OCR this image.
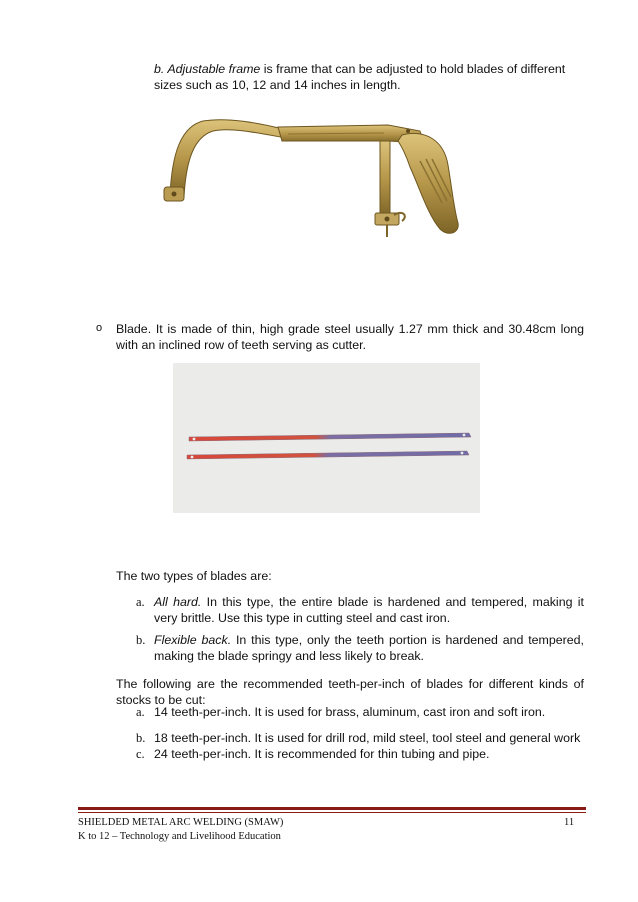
b. Adjustable frame is frame that can be adjusted to hold blades of different sizes such as 10, 12 and 14 inches in length.
o Blade. It is made of thin, high grade steel usually 1.27 mm thick and 30.48cm long with an inclined row of teeth serving as cutter.
The two types of blades are:
a. All hard. In this type, the entire blade is hardened and tempered, making it very brittle. Use this type in cutting steel and cast iron.
b. Flexible back. In this type, only the teeth portion is hardened and tempered, making the blade springy and less likely to break.
The following are the recommended teeth-per-inch of blades for different kinds of stocks to be cut:
a. 14 teeth-per-inch. It is used for brass, aluminum, cast iron and soft iron.
b. 18 teeth-per-inch. It is used for drill rod, mild steel, tool steel and general work
c. 24 teeth-per-inch. It is recommended for thin tubing and pipe.
SHIELDED METAL ARC WELDING (SMAW)	11
K to 12 – Technology and Livelihood Education
